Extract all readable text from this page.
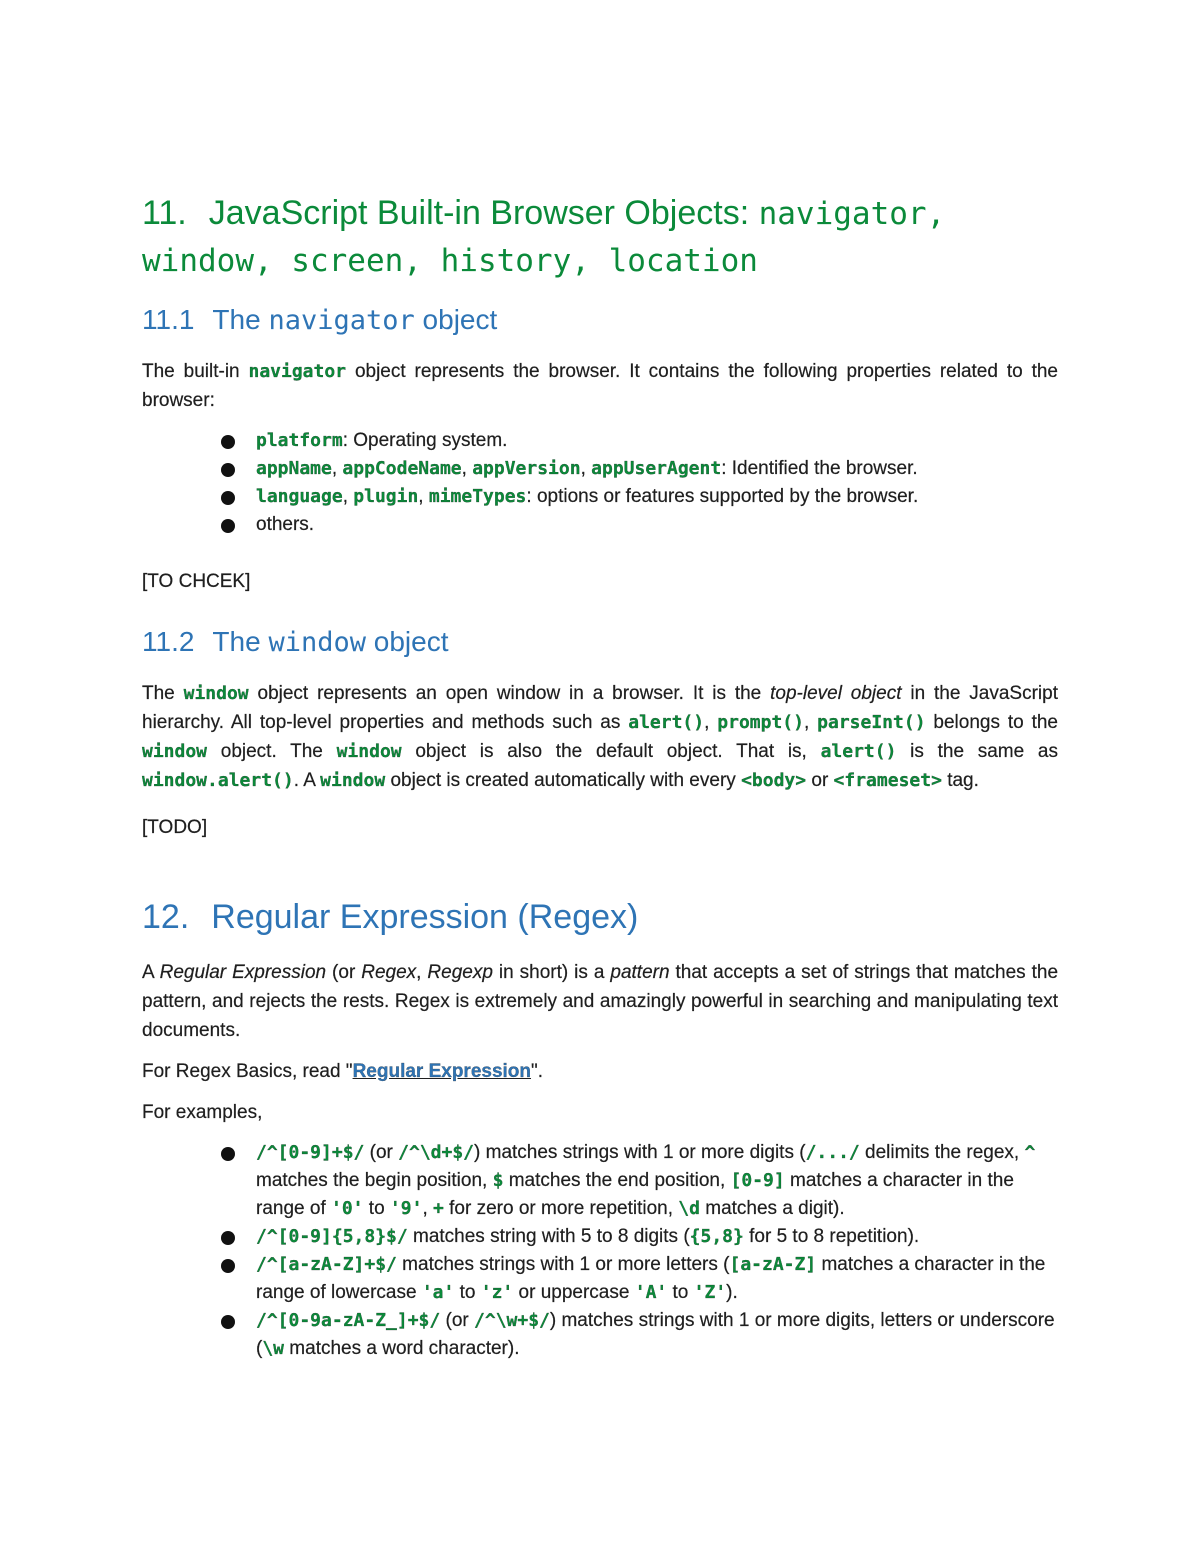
11. JavaScript Built-in Browser Objects: navigator,
window, screen, history, location
11.1 The navigator object

The built-in navigator object represents the browser. It contains the following properties related to the browser:

platform: Operating system.
appName, appCodeName, appVersion, appUserAgent: Identified the browser.
language, plugin, mimeTypes: options or features supported by the browser.
others.

[TO CHCEK]

11.2 The window object

The window object represents an open window in a browser. It is the top-level object in the JavaScript hierarchy. All top-level properties and methods such as alert(), prompt(), parseInt() belongs to the window object. The window object is also the default object. That is, alert() is the same as window.alert(). A window object is created automatically with every <body> or <frameset> tag.

[TODO]

12. Regular Expression (Regex)

A Regular Expression (or Regex, Regexp in short) is a pattern that accepts a set of strings that matches the pattern, and rejects the rests. Regex is extremely and amazingly powerful in searching and manipulating text documents.

For Regex Basics, read "Regular Expression".

For examples,

/^[0-9]+$/ (or /^\d+$/) matches strings with 1 or more digits (/.../ delimits the regex, ^ matches the begin position, $ matches the end position, [0-9] matches a character in the range of '0' to '9', + for zero or more repetition, \d matches a digit).
/^[0-9]{5,8}$/ matches string with 5 to 8 digits ({5,8} for 5 to 8 repetition).
/^[a-zA-Z]+$/ matches strings with 1 or more letters ([a-zA-Z] matches a character in the range of lowercase 'a' to 'z' or uppercase 'A' to 'Z').
/^[0-9a-zA-Z_]+$/ (or /^\w+$/) matches strings with 1 or more digits, letters or underscore (\w matches a word character).
